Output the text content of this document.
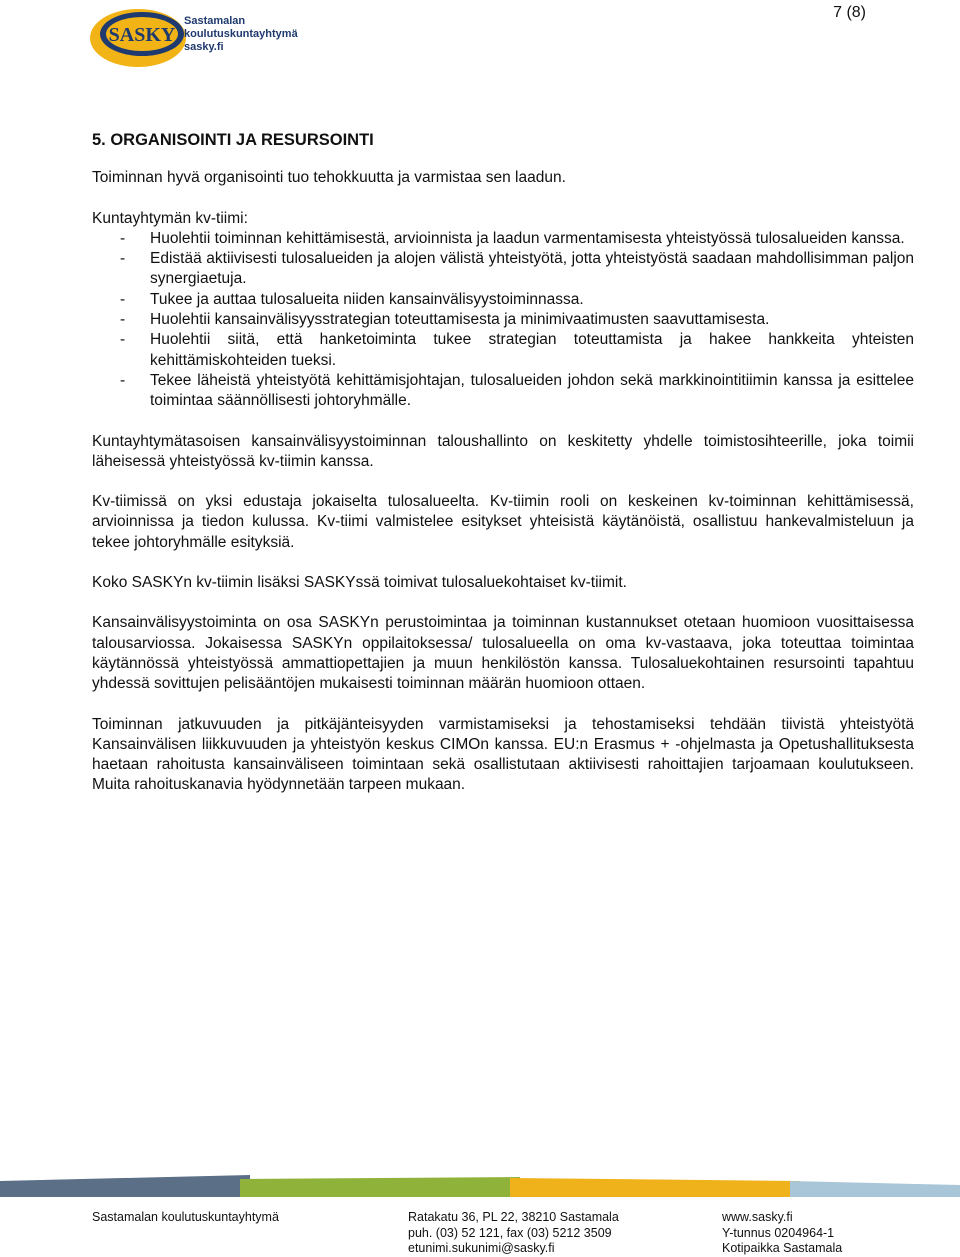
SASKY
Sastamalan
koulutuskuntayhtymä
sasky.fi
7 (8)
5. ORGANISOINTI JA RESURSOINTI

Toiminnan hyvä organisointi tuo tehokkuutta ja varmistaa sen laadun.

Kuntayhtymän kv-tiimi:

- Huolehtii toiminnan kehittämisestä, arvioinnista ja laadun varmentamisesta yhteistyössä tulosalueiden kanssa.
- Edistää aktiivisesti tulosalueiden ja alojen välistä yhteistyötä, jotta yhteistyöstä saadaan mahdollisimman paljon synergiaetuja.
- Tukee ja auttaa tulosalueita niiden kansainvälisyystoiminnassa.
- Huolehtii kansainvälisyysstrategian toteuttamisesta ja minimivaatimusten saavuttamisesta.
- Huolehtii siitä, että hanketoiminta tukee strategian toteuttamista ja hakee hankkeita yhteisten kehittämiskohteiden tueksi.
- Tekee läheistä yhteistyötä kehittämisjohtajan, tulosalueiden johdon sekä markkinointitiimin kanssa ja esittelee toimintaa säännöllisesti johtoryhmälle.

Kuntayhtymätasoisen kansainvälisyystoiminnan taloushallinto on keskitetty yhdelle toimistosihteerille, joka toimii läheisessä yhteistyössä kv-tiimin kanssa.

Kv-tiimissä on yksi edustaja jokaiselta tulosalueelta. Kv-tiimin rooli on keskeinen kv-toiminnan kehittämisessä, arvioinnissa ja tiedon kulussa. Kv-tiimi valmistelee esitykset yhteisistä käytänöistä, osallistuu hankevalmisteluun ja tekee johtoryhmälle esityksiä.

Koko SASKYn kv-tiimin lisäksi SASKYssä toimivat tulosaluekohtaiset kv-tiimit.

Kansainvälisyystoiminta on osa SASKYn perustoimintaa ja toiminnan kustannukset otetaan huomioon vuosittaisessa talousarviossa. Jokaisessa SASKYn oppilaitoksessa/ tulosalueella on oma kv-vastaava, joka toteuttaa toimintaa käytännössä yhteistyössä ammattiopettajien ja muun henkilöstön kanssa. Tulosaluekohtainen resursointi tapahtuu yhdessä sovittujen pelisääntöjen mukaisesti toiminnan määrän huomioon ottaen.

Toiminnan jatkuvuuden ja pitkäjänteisyyden varmistamiseksi ja tehostamiseksi tehdään tiivistä yhteistyötä Kansainvälisen liikkuvuuden ja yhteistyön keskus CIMOn kanssa. EU:n Erasmus + -ohjelmasta ja Opetushallituksesta haetaan rahoitusta kansainväliseen toimintaan sekä osallistutaan aktiivisesti rahoittajien tarjoamaan koulutukseen. Muita rahoituskanavia hyödynnetään tarpeen mukaan.

Sastamalan koulutuskuntayhtymä	Ratakatu 36, PL 22, 38210 Sastamala
puh. (03) 52 121, fax (03) 5212 3509
etunimi.sukunimi@sasky.fi
www.sasky.fi
Y-tunnus 0204964-1
Kotipaikka Sastamala
